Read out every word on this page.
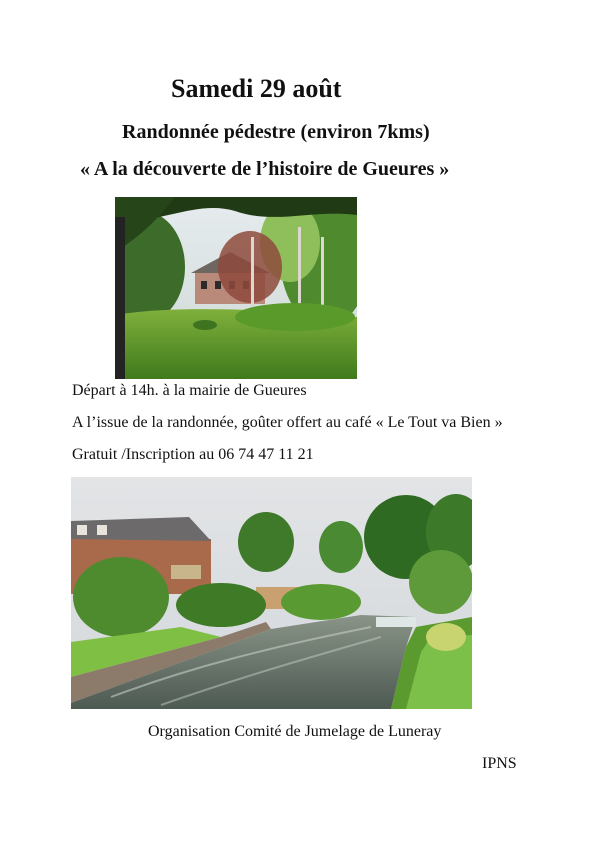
Samedi 29 août
Randonnée pédestre (environ 7kms)
« A la découverte de l’histoire de Gueures »
Départ à 14h. à la mairie de Gueures
A l’issue de la randonnée, goûter offert au café « Le Tout va Bien »
Gratuit /Inscription au 06 74 47 11 21
Organisation Comité de Jumelage de Luneray
IPNS
